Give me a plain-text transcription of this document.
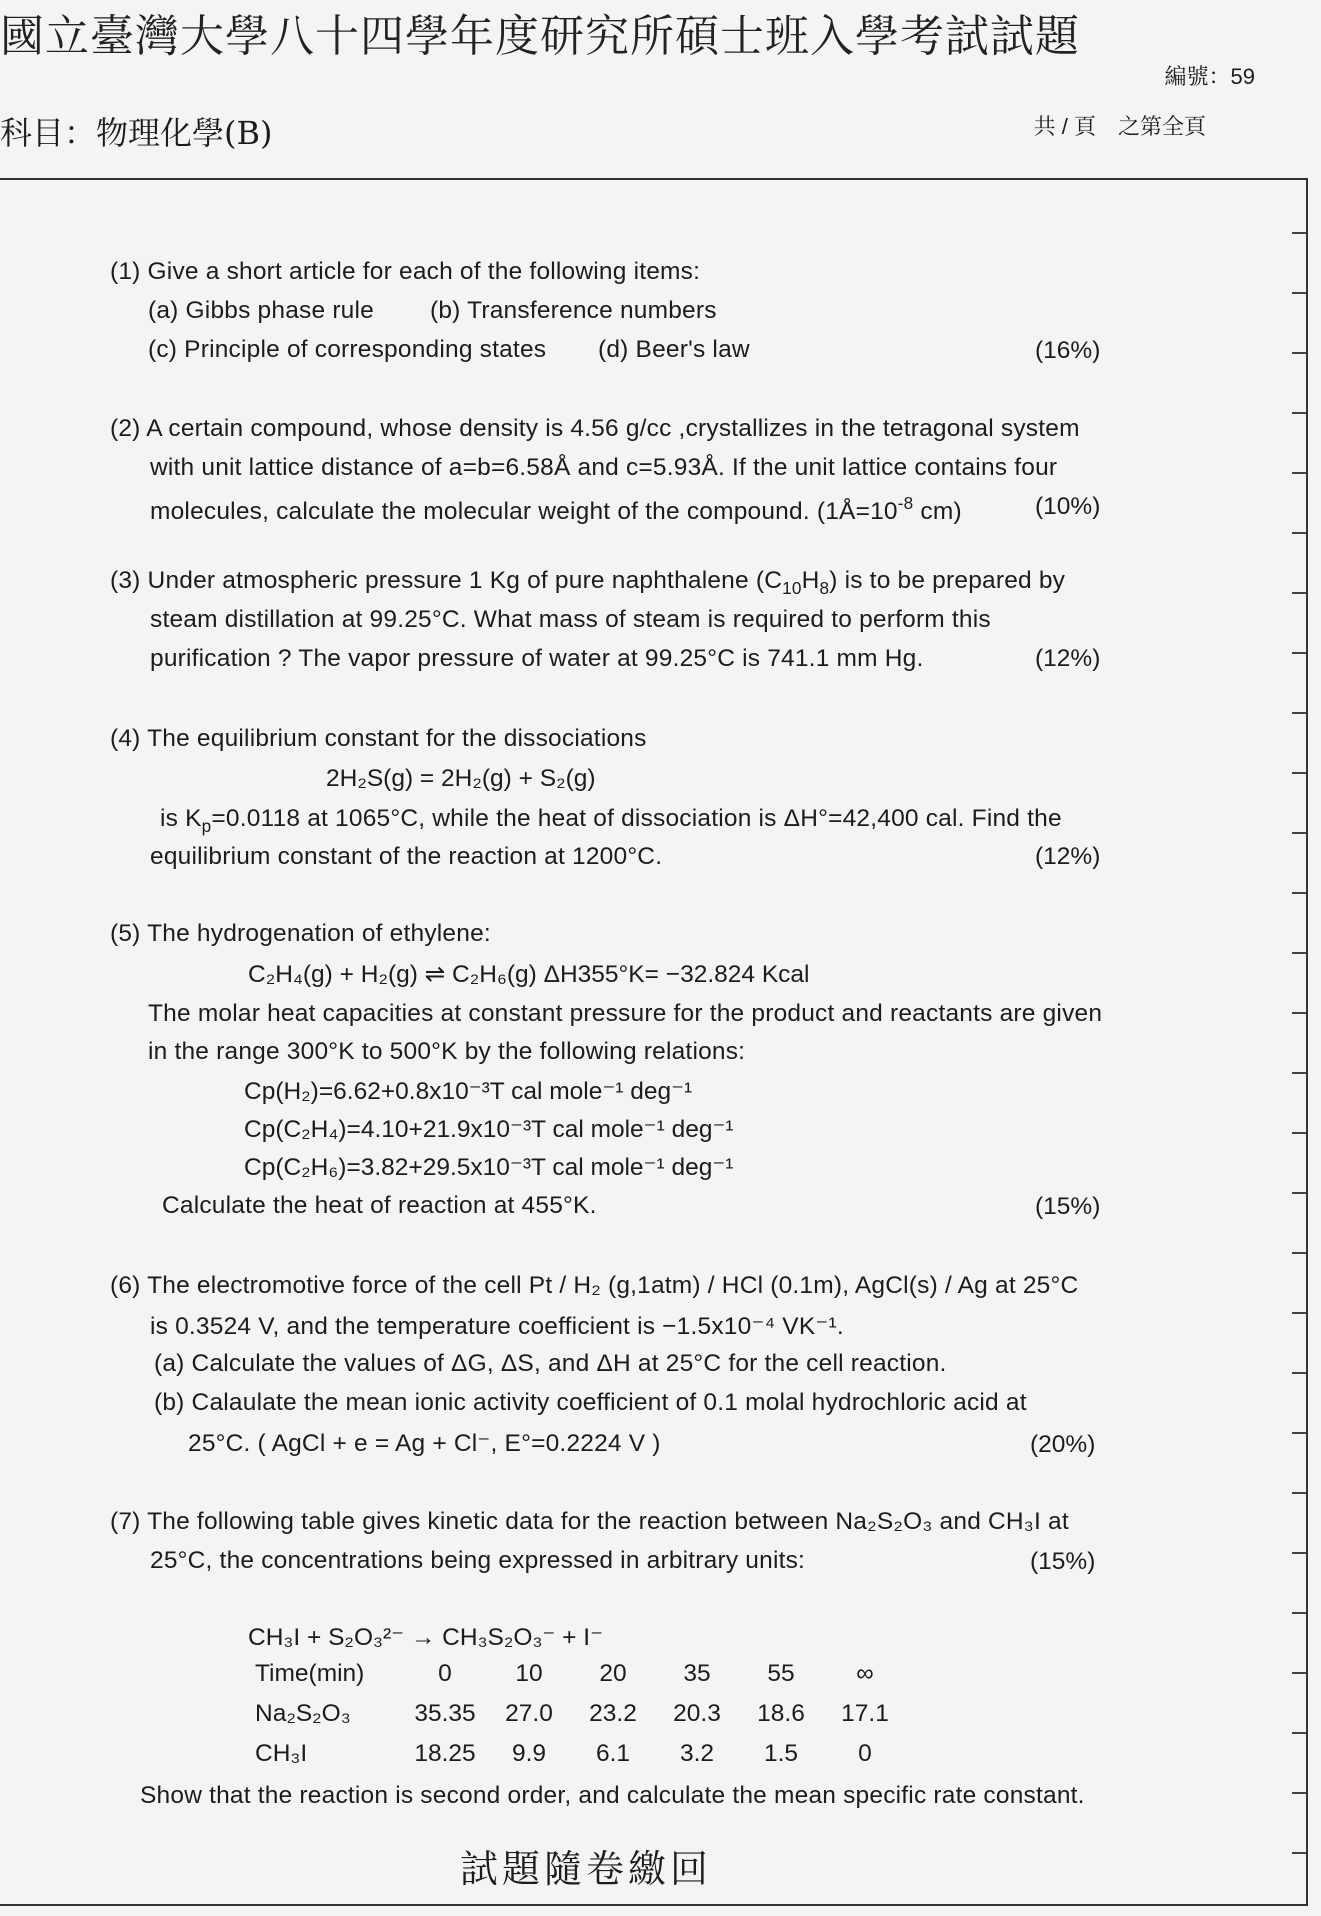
國立臺灣大學八十四學年度研究所碩士班入學考試試題
編號：59
科目：物理化學(B)	共 / 頁　之第全頁
(1) Give a short article for each of the following items:
(a) Gibbs phase rule (b) Transference numbers
(c) Principle of corresponding states (d) Beer's law	(16%)
(2) A certain compound, whose density is 4.56 g/cc ,crystallizes in the tetragonal system
with unit lattice distance of a=b=6.58Å and c=5.93Å. If the unit lattice contains four
molecules, calculate the molecular weight of the compound. ($1Å=10^{-8}$ cm)	(10%)
(3) Under atmospheric pressure 1 Kg of pure naphthalene $(C_{10}H_8)$ is to be prepared by
steam distillation at 99.25°C. What mass of steam is required to perform this
purification ? The vapor pressure of water at 99.25°C is 741.1 mm Hg.	(12%)
(4) The equilibrium constant for the dissociations
2H₂S(g) = 2H₂(g) + S₂(g)
is $K_p=0.0118$ at 1065°C, while the heat of dissociation is ΔH°=42,400 cal. Find the
equilibrium constant of the reaction at 1200°C.	(12%)
(5) The hydrogenation of ethylene:
C₂H₄(g) + H₂(g) ⇌ C₂H₆(g) ΔH355°K= −32.824 Kcal
The molar heat capacities at constant pressure for the product and reactants are given
in the range 300°K to 500°K by the following relations:
Cp(H₂)=6.62+0.8x10⁻³T cal mole⁻¹ deg⁻¹
Cp(C₂H₄)=4.10+21.9x10⁻³T cal mole⁻¹ deg⁻¹
Cp(C₂H₆)=3.82+29.5x10⁻³T cal mole⁻¹ deg⁻¹
Calculate the heat of reaction at 455°K.	(15%)
(6) The electromotive force of the cell Pt / H₂ (g,1atm) / HCl (0.1m), AgCl(s) / Ag at 25°C
is 0.3524 V, and the temperature coefficient is −1.5x10⁻⁴ VK⁻¹.
(a) Calculate the values of ΔG, ΔS, and ΔH at 25°C for the cell reaction.
(b) Calaulate the mean ionic activity coefficient of 0.1 molal hydrochloric acid at
25°C. ( AgCl + e = Ag + Cl⁻, E°=0.2224 V )	(20%)
(7) The following table gives kinetic data for the reaction between Na₂S₂O₃ and CH₃I at
25°C, the concentrations being expressed in arbitrary units:	(15%)
CH₃I + S₂O₃²⁻ → CH₃S₂O₃⁻ + I⁻
Time(min)	0	10	20	35	55	∞
Na₂S₂O₃	35.35	27.0	23.2	20.3	18.6	17.1
CH₃I	18.25	9.9	6.1	3.2	1.5	0
Show that the reaction is second order, and calculate the mean specific rate constant.
試題隨卷繳回
